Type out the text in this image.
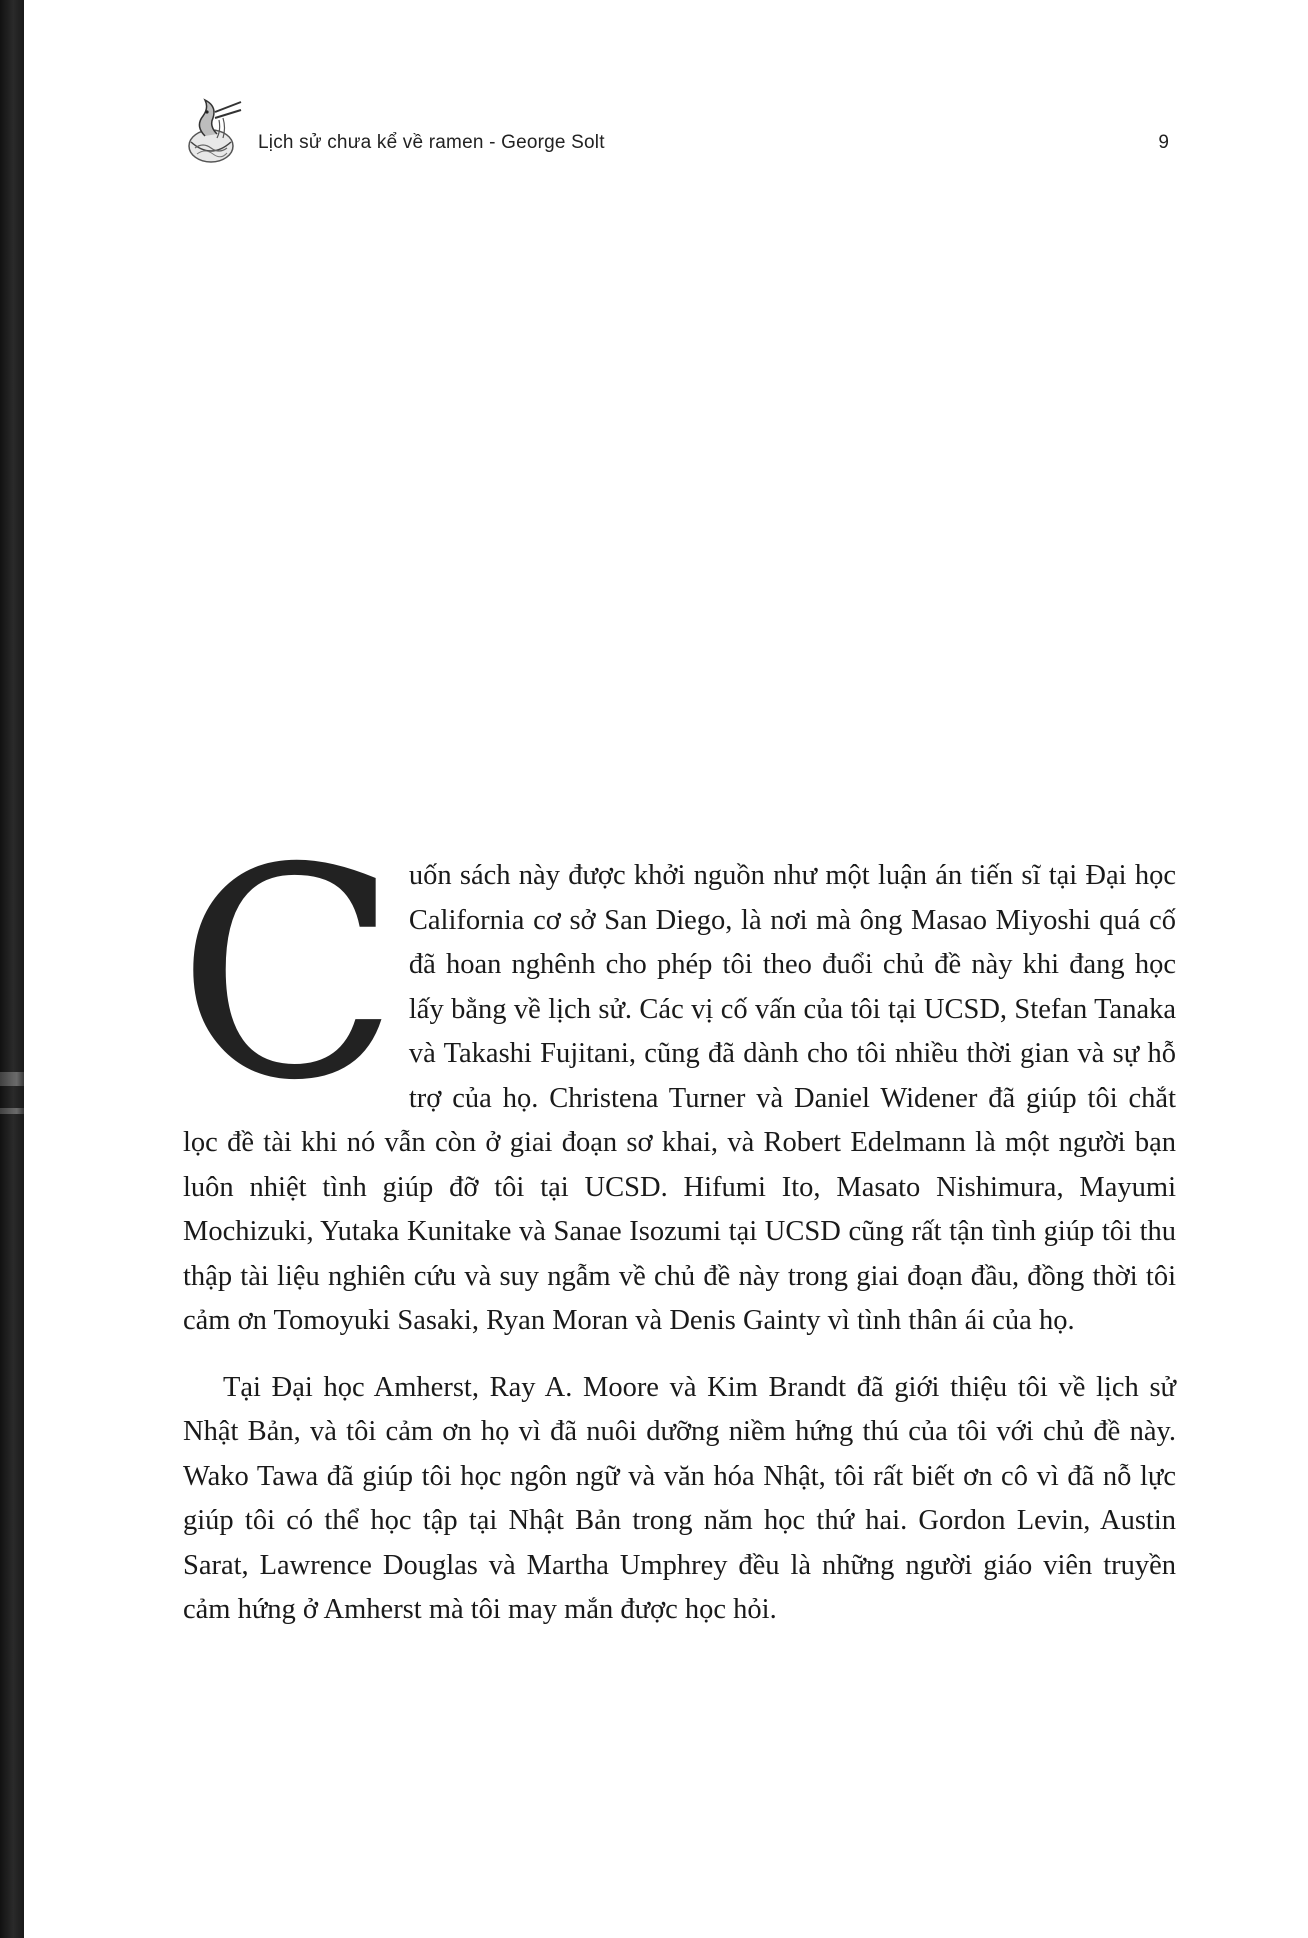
Lịch sử chưa kể về ramen - George Solt	9

Cuốn sách này được khởi nguồn như một luận án tiến sĩ tại Đại học California cơ sở San Diego, là nơi mà ông Masao Miyoshi quá cố đã hoan nghênh cho phép tôi theo đuổi chủ đề này khi đang học lấy bằng về lịch sử. Các vị cố vấn của tôi tại UCSD, Stefan Tanaka và Takashi Fujitani, cũng đã dành cho tôi nhiều thời gian và sự hỗ trợ của họ. Christena Turner và Daniel Widener đã giúp tôi chắt lọc đề tài khi nó vẫn còn ở giai đoạn sơ khai, và Robert Edelmann là một người bạn luôn nhiệt tình giúp đỡ tôi tại UCSD. Hifumi Ito, Masato Nishimura, Mayumi Mochizuki, Yutaka Kunitake và Sanae Isozumi tại UCSD cũng rất tận tình giúp tôi thu thập tài liệu nghiên cứu và suy ngẫm về chủ đề này trong giai đoạn đầu, đồng thời tôi cảm ơn Tomoyuki Sasaki, Ryan Moran và Denis Gainty vì tình thân ái của họ.

Tại Đại học Amherst, Ray A. Moore và Kim Brandt đã giới thiệu tôi về lịch sử Nhật Bản, và tôi cảm ơn họ vì đã nuôi dưỡng niềm hứng thú của tôi với chủ đề này. Wako Tawa đã giúp tôi học ngôn ngữ và văn hóa Nhật, tôi rất biết ơn cô vì đã nỗ lực giúp tôi có thể học tập tại Nhật Bản trong năm học thứ hai. Gordon Levin, Austin Sarat, Lawrence Douglas và Martha Umphrey đều là những người giáo viên truyền cảm hứng ở Amherst mà tôi may mắn được học hỏi.
